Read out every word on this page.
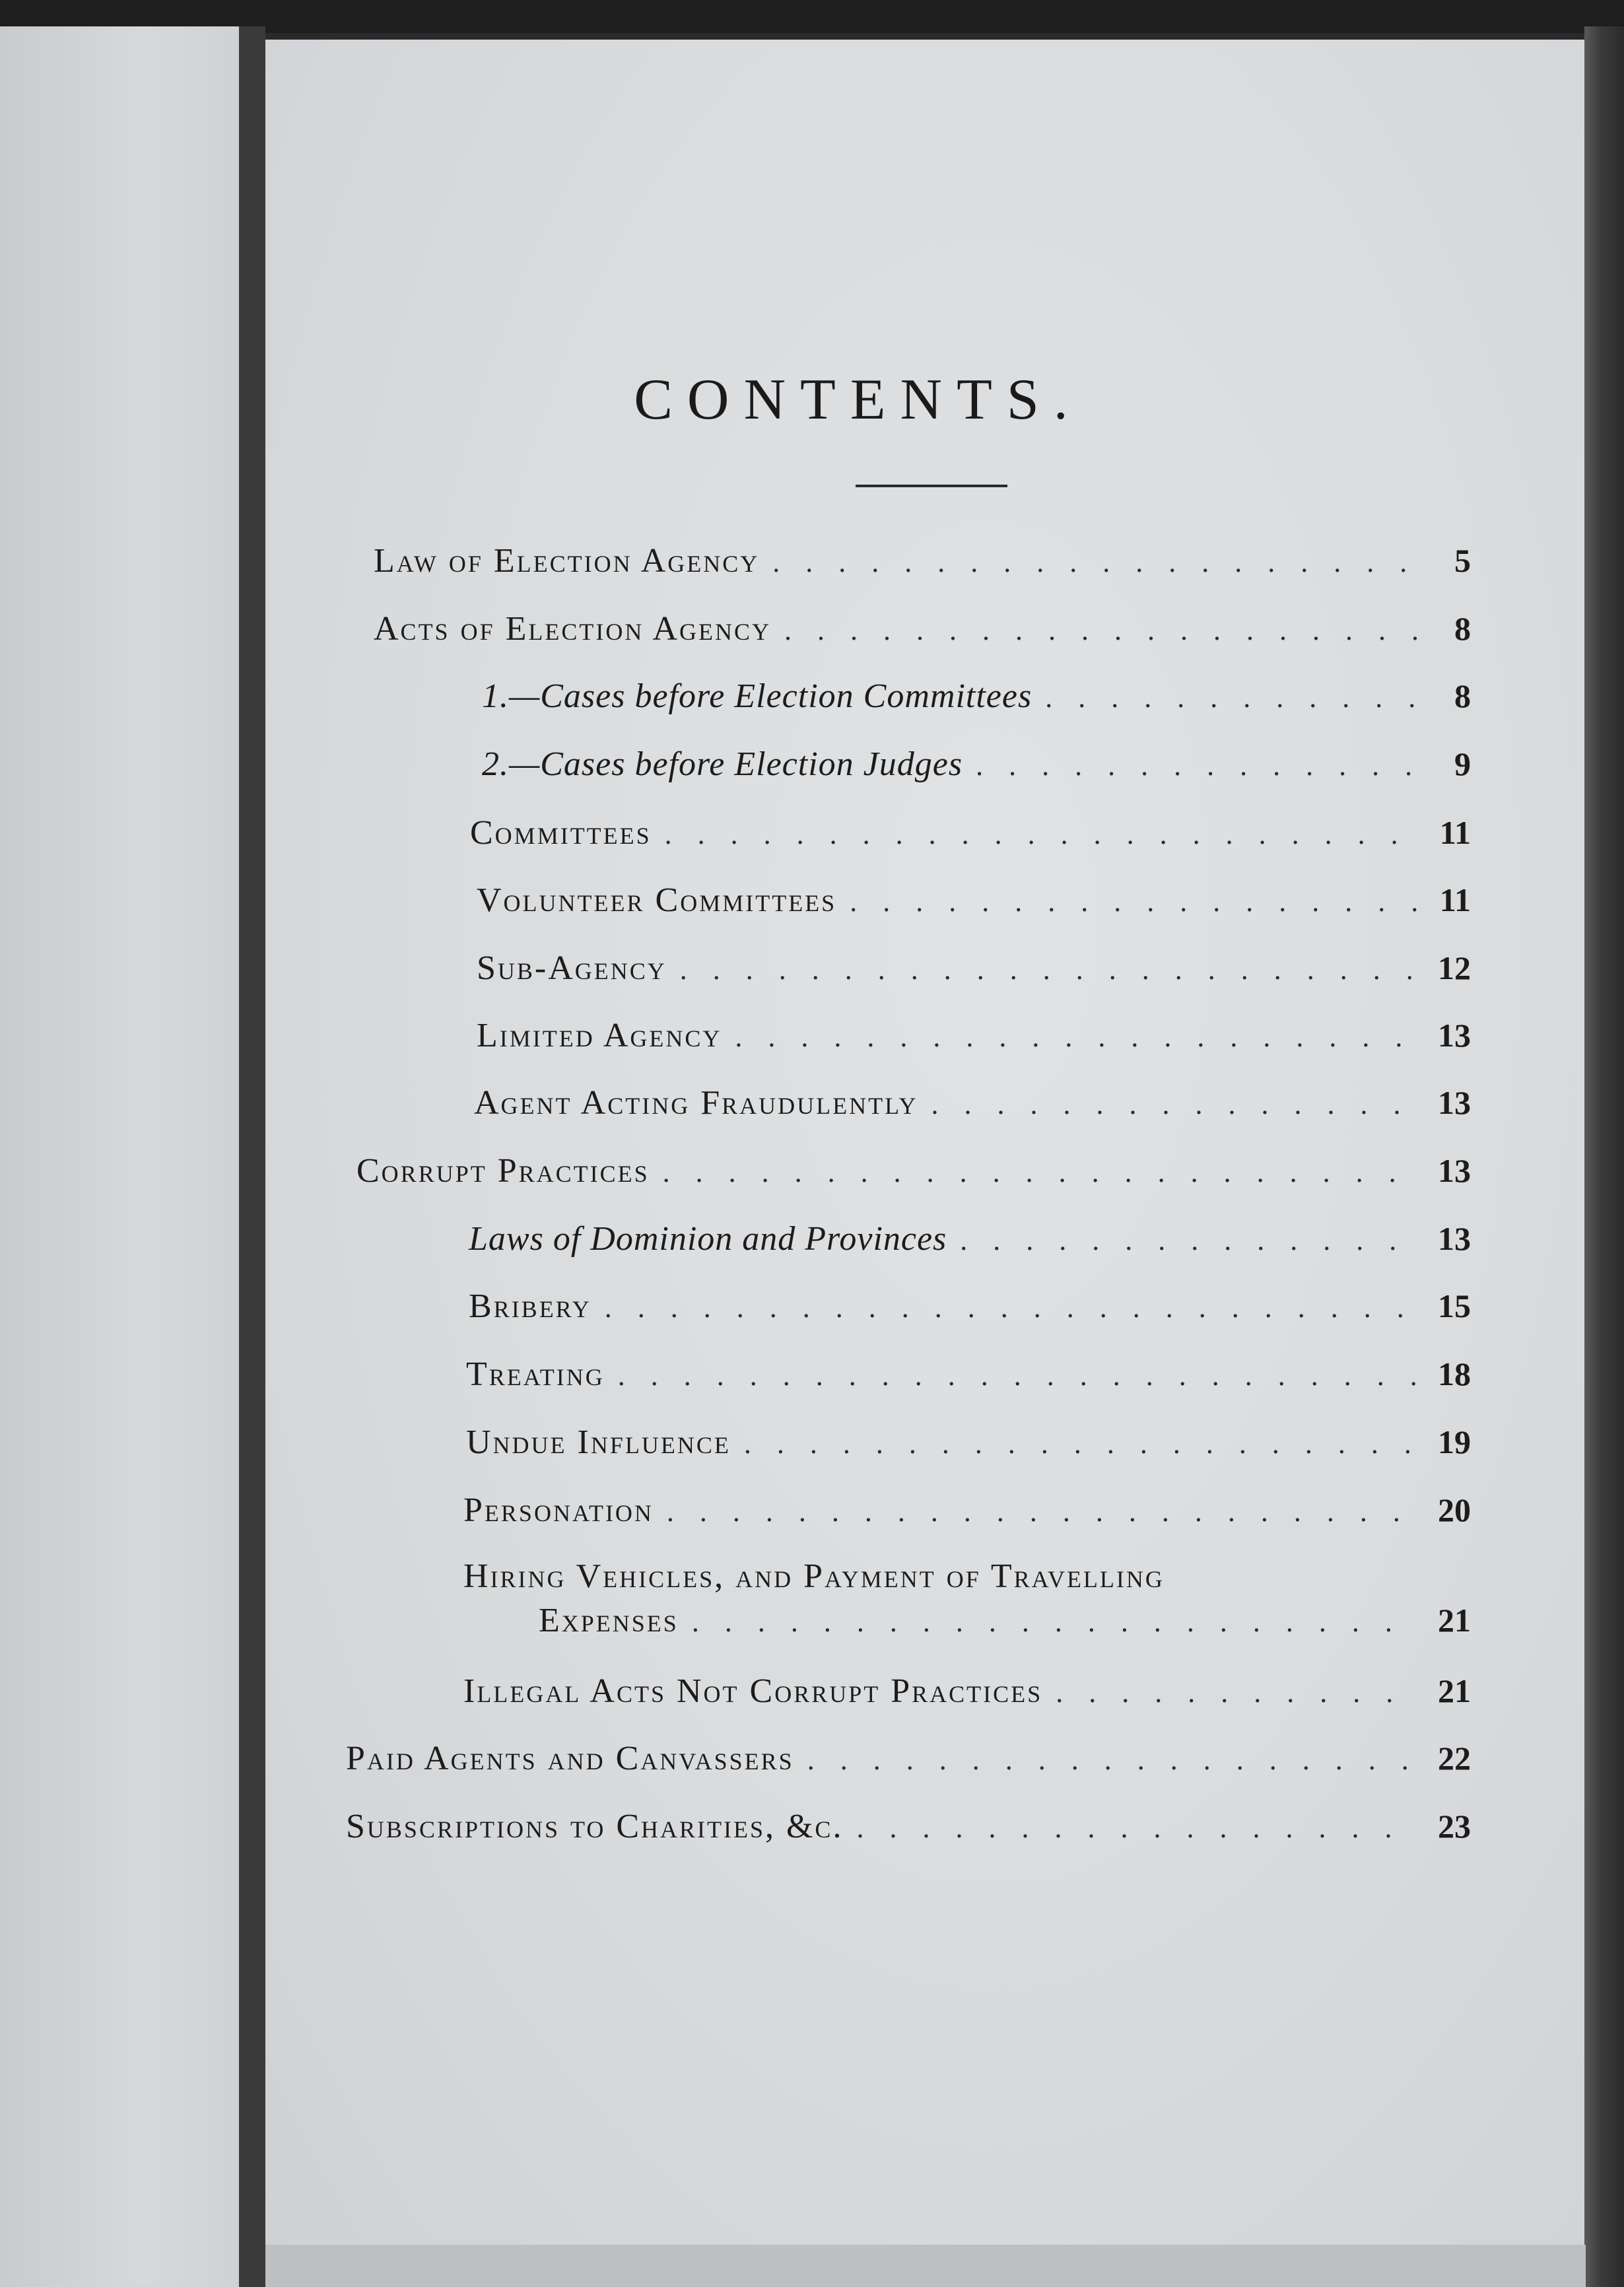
CONTENTS.
Law of Election Agency . . .	5
Acts of Election Agency . . .	8
1.—Cases before Election Committees . . .	8
2.—Cases before Election Judges . . .	9
Committees . . .	11
Volunteer Committees . . .	11
Sub-Agency . . .	12
Limited Agency . . .	13
Agent Acting Fraudulently . . .	13
Corrupt Practices . . .	13
Laws of Dominion and Provinces . . .	13
Bribery . . .	15
Treating . . .	18
Undue Influence . . .	19
Personation . . .	20
Hiring Vehicles, and Payment of Travelling
Expenses . . .	21
Illegal Acts Not Corrupt Practices . . .	21
Paid Agents and Canvassers . . .	22
Subscriptions to Charities, &c. . . .	23
